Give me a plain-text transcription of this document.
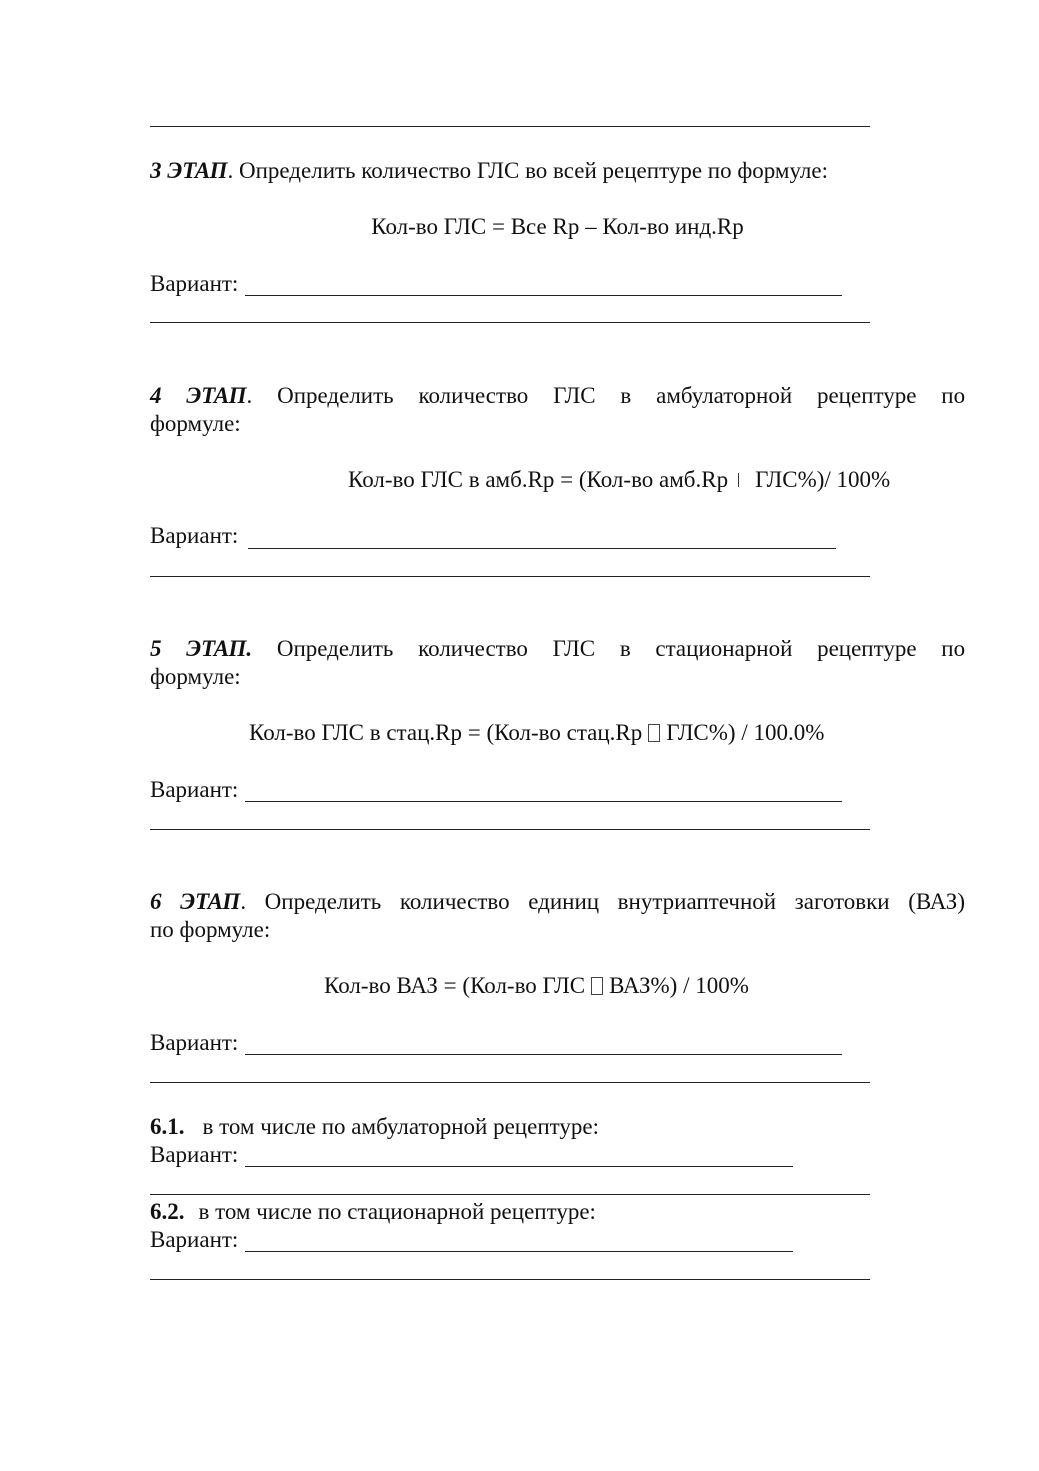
3 ЭТАП. Определить количество ГЛС во всей рецептуре по формуле:
Кол-во ГЛС = Все Rp – Кол-во инд.Rp
Вариант:
4 ЭТАП. Определить количество ГЛС в амбулаторной рецептуре по
формуле:
Кол-во ГЛС в амб.Rp = (Кол-во амб.Rp ГЛС%)/ 100%
Вариант:
5 ЭТАП. Определить количество ГЛС в стационарной рецептуре по
формуле:
Кол-во ГЛС в стац.Rp = (Кол-во стац.Rp ГЛС%) / 100.0%
Вариант:
6 ЭТАП. Определить количество единиц внутриаптечной заготовки (ВАЗ)
по формуле:
Кол-во ВАЗ = (Кол-во ГЛС ВАЗ%) / 100%
Вариант:
6.1. в том числе по амбулаторной рецептуре:
Вариант:
6.2. в том числе по стационарной рецептуре:
Вариант:
